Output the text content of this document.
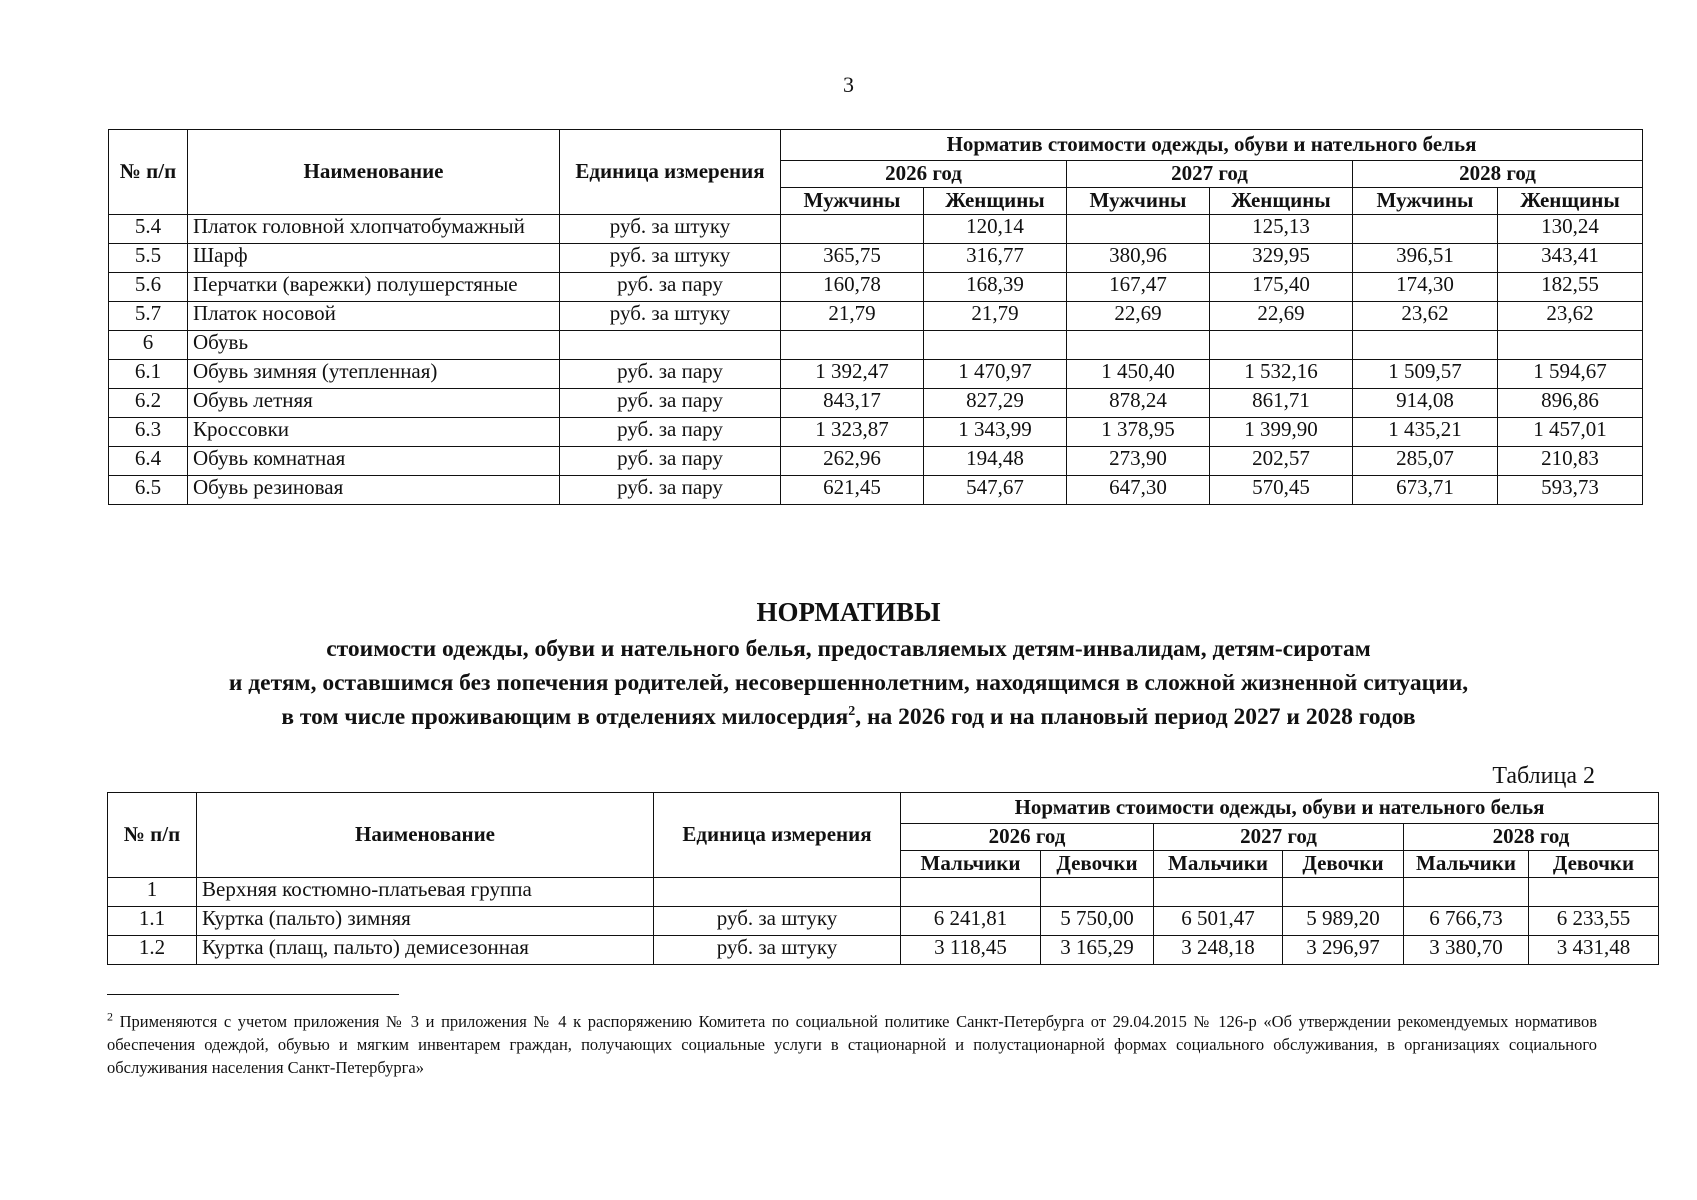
3
№ п/п	Наименование	Единица измерения	Норматив стоимости одежды, обуви и нательного белья					
			2026 год		2027 год		2028 год	
			Мужчины	Женщины	Мужчины	Женщины	Мужчины	Женщины
5.4	Платок головной хлопчатобумажный	руб. за штуку		120,14		125,13		130,24
5.5	Шарф	руб. за штуку	365,75	316,77	380,96	329,95	396,51	343,41
5.6	Перчатки (варежки) полушерстяные	руб. за пару	160,78	168,39	167,47	175,40	174,30	182,55
5.7	Платок носовой	руб. за штуку	21,79	21,79	22,69	22,69	23,62	23,62
6	Обувь							
6.1	Обувь зимняя (утепленная)	руб. за пару	1 392,47	1 470,97	1 450,40	1 532,16	1 509,57	1 594,67
6.2	Обувь летняя	руб. за пару	843,17	827,29	878,24	861,71	914,08	896,86
6.3	Кроссовки	руб. за пару	1 323,87	1 343,99	1 378,95	1 399,90	1 435,21	1 457,01
6.4	Обувь комнатная	руб. за пару	262,96	194,48	273,90	202,57	285,07	210,83
6.5	Обувь резиновая	руб. за пару	621,45	547,67	647,30	570,45	673,71	593,73
НОРМАТИВЫ
стоимости одежды, обуви и нательного белья, предоставляемых детям-инвалидам, детям-сиротам
и детям, оставшимся без попечения родителей, несовершеннолетним, находящимся в сложной жизненной ситуации,
в том числе проживающим в отделениях милосердия$^2$, на 2026 год и на плановый период 2027 и 2028 годов
Таблица 2
№ п/п	Наименование	Единица измерения	Норматив стоимости одежды, обуви и нательного белья					
			2026 год		2027 год		2028 год	
			Мальчики	Девочки	Мальчики	Девочки	Мальчики	Девочки
1	Верхняя костюмно-платьевая группа							
1.1	Куртка (пальто) зимняя	руб. за штуку	6 241,81	5 750,00	6 501,47	5 989,20	6 766,73	6 233,55
1.2	Куртка (плащ, пальто) демисезонная	руб. за штуку	3 118,45	3 165,29	3 248,18	3 296,97	3 380,70	3 431,48
$^2$ Применяются с учетом приложения № 3 и приложения № 4 к распоряжению Комитета по социальной политике Санкт-Петербурга от 29.04.2015 № 126-р «Об утверждении рекомендуемых нормативов обеспечения одеждой, обувью и мягким инвентарем граждан, получающих социальные услуги в стационарной и полустационарной формах социального обслуживания, в организациях социального обслуживания населения Санкт-Петербурга»
